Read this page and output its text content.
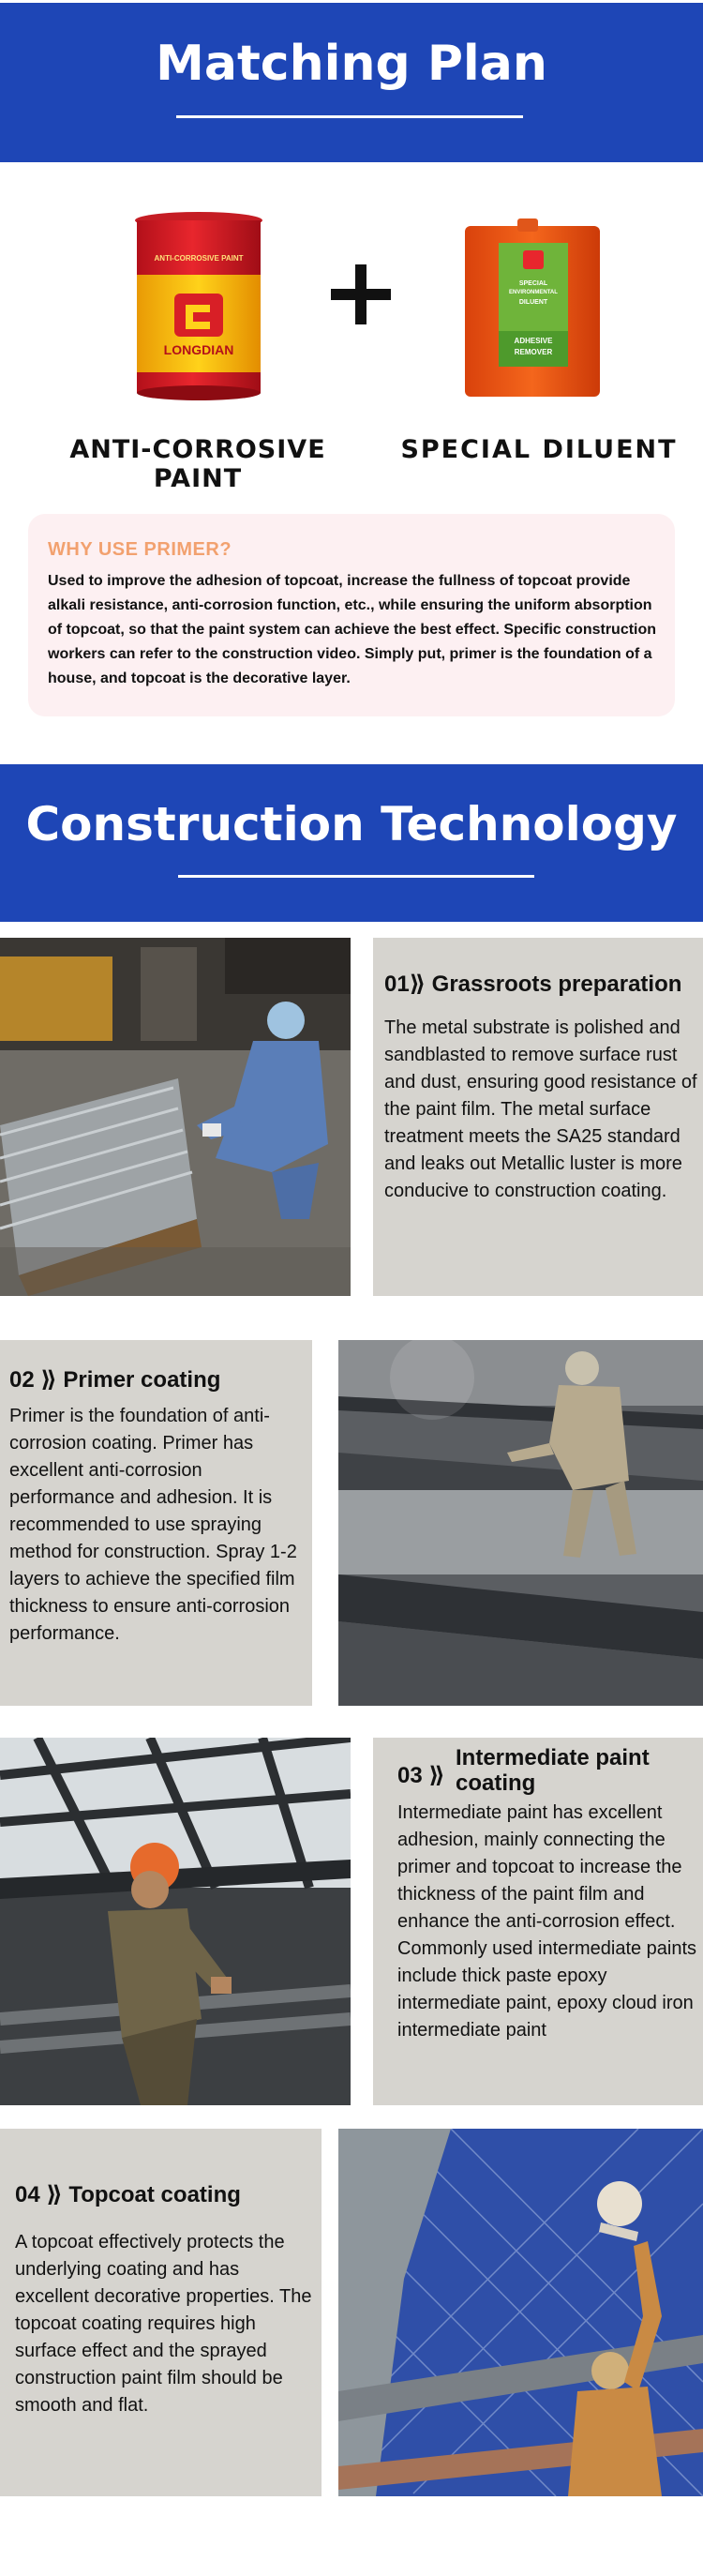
Matching Plan
ANTI-CORROSIVE PAINT
LONGDIAN
SPECIAL
ENVIRONMENTAL
DILUENT
ADHESIVE
REMOVER
ANTI-CORROSIVE PAINT
SPECIAL DILUENT
WHY USE PRIMER?
Used to improve the adhesion of topcoat, increase the fullness of topcoat provide alkali resistance, anti-corrosion function, etc., while ensuring the uniform absorption of topcoat, so that the paint system can achieve the best effect. Specific construction workers can refer to the construction video. Simply put, primer is the foundation of a house, and topcoat is the decorative layer.
Construction Technology
01⟫ Grassroots preparation
The metal substrate is polished and sandblasted to remove surface rust and dust, ensuring good resistance of the paint film. The metal surface treatment meets the SA25 standard and leaks out Metallic luster is more conducive to construction coating.
02 ⟫ Primer coating
Primer is the foundation of anti-corrosion coating. Primer has excellent anti-corrosion performance and adhesion. It is recommended to use spraying method for construction. Spray 1-2 layers to achieve the specified film thickness to ensure anti-corrosion performance.
03 ⟫
Intermediate paint
coating
Intermediate paint has excellent adhesion, mainly connecting the primer and topcoat to increase the thickness of the paint film and enhance the anti-corrosion effect. Commonly used intermediate paints include thick paste epoxy intermediate paint, epoxy cloud iron intermediate paint
04 ⟫ Topcoat coating
A topcoat effectively protects the underlying coating and has excellent decorative properties. The topcoat coating requires high surface effect and the sprayed construction paint film should be smooth and flat.
